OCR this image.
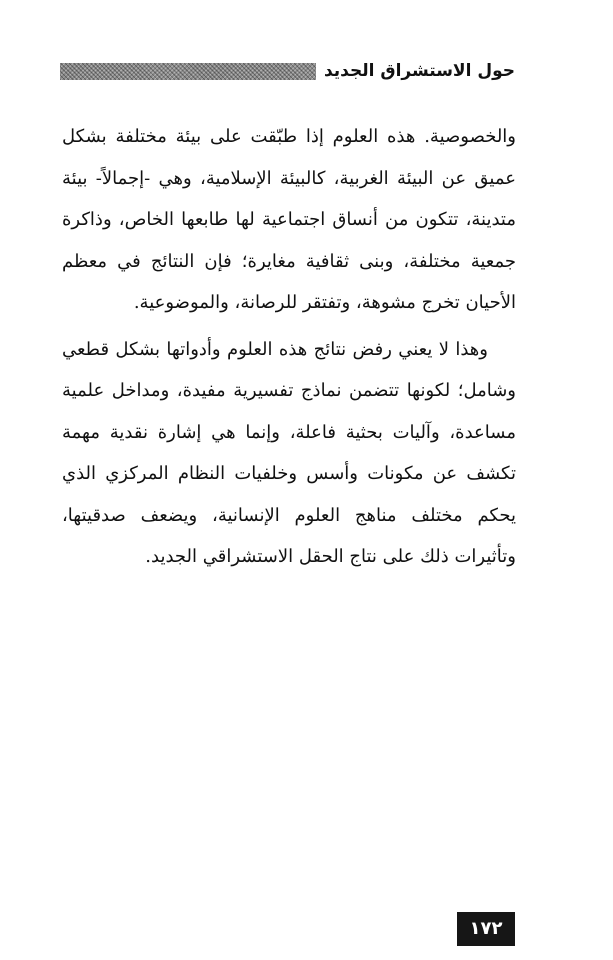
حول الاستشراق الجديد

والخصوصية. هذه العلوم إذا طبّقت على بيئة مختلفة بشكل عميق عن البيئة الغربية، كالبيئة الإسلامية، وهي -إجمالاً- بيئة متدينة، تتكون من أنساق اجتماعية لها طابعها الخاص، وذاكرة جمعية مختلفة، وبنى ثقافية مغايرة؛ فإن النتائج في معظم الأحيان تخرج مشوهة، وتفتقر للرصانة، والموضوعية.

وهذا لا يعني رفض نتائج هذه العلوم وأدواتها بشكل قطعي وشامل؛ لكونها تتضمن نماذج تفسيرية مفيدة، ومداخل علمية مساعدة، وآليات بحثية فاعلة، وإنما هي إشارة نقدية مهمة تكشف عن مكونات وأسس وخلفيات النظام المركزي الذي يحكم مختلف مناهج العلوم الإنسانية، ويضعف صدقيتها، وتأثيرات ذلك على نتاج الحقل الاستشراقي الجديد.

١٧٢
